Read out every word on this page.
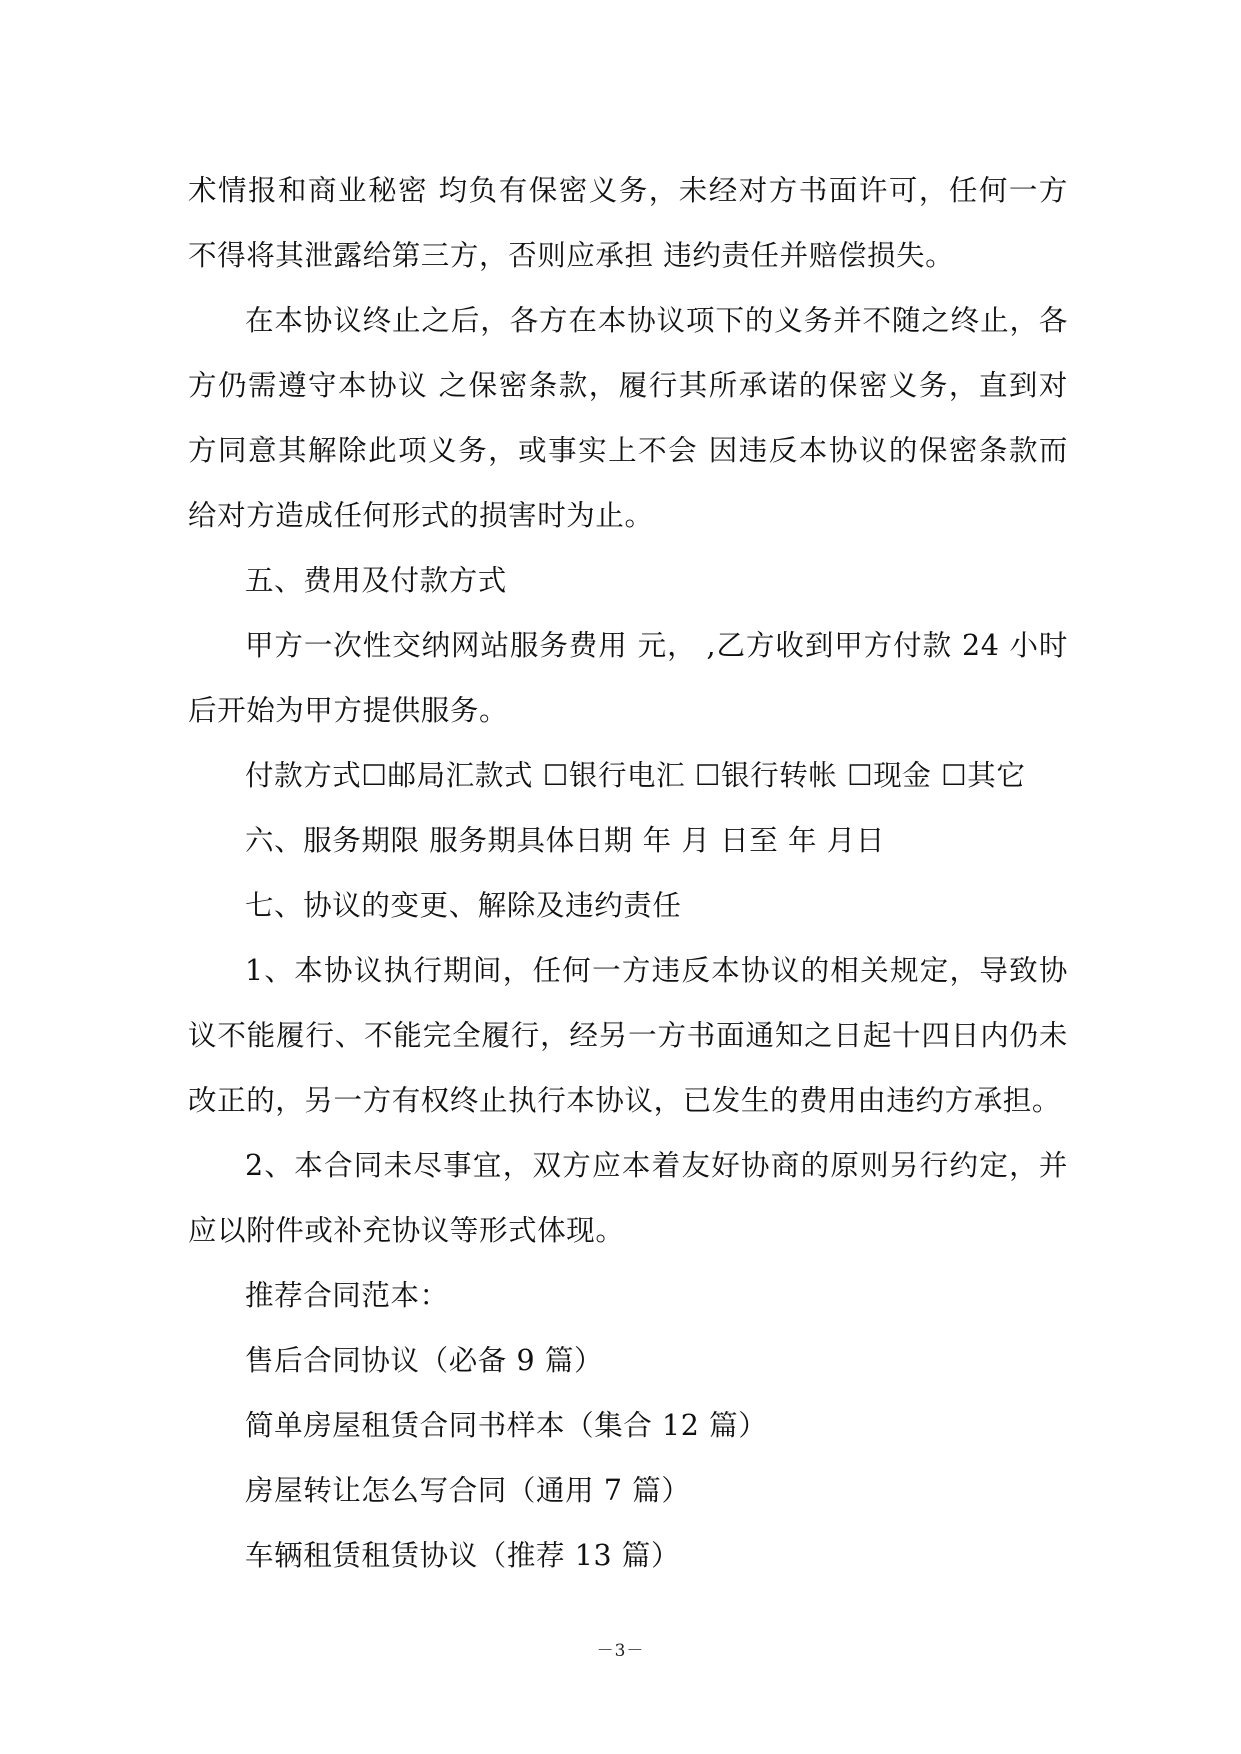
术情报和商业秘密 均负有保密义务，未经对方书面许可，任何一方不得将其泄露给第三方，否则应承担 违约责任并赔偿损失。

在本协议终止之后，各方在本协议项下的义务并不随之终止，各方仍需遵守本协议 之保密条款，履行其所承诺的保密义务，直到对方同意其解除此项义务，或事实上不会 因违反本协议的保密条款而给对方造成任何形式的损害时为止。

五、费用及付款方式

甲方一次性交纳网站服务费用 元， ,乙方收到甲方付款 24 小时后开始为甲方提供服务。

付款方式☐邮局汇款式 ☐银行电汇 ☐银行转帐 ☐现金 ☐其它

六、服务期限 服务期具体日期 年 月 日至 年 月日

七、协议的变更、解除及违约责任

1、本协议执行期间，任何一方违反本协议的相关规定，导致协议不能履行、不能完全履行，经另一方书面通知之日起十四日内仍未改正的，另一方有权终止执行本协议，已发生的费用由违约方承担。

2、本合同未尽事宜，双方应本着友好协商的原则另行约定，并应以附件或补充协议等形式体现。

推荐合同范本：

售后合同协议（必备 9 篇）

简单房屋租赁合同书样本（集合 12 篇）

房屋转让怎么写合同（通用 7 篇）

车辆租赁租赁协议（推荐 13 篇）

－3－
